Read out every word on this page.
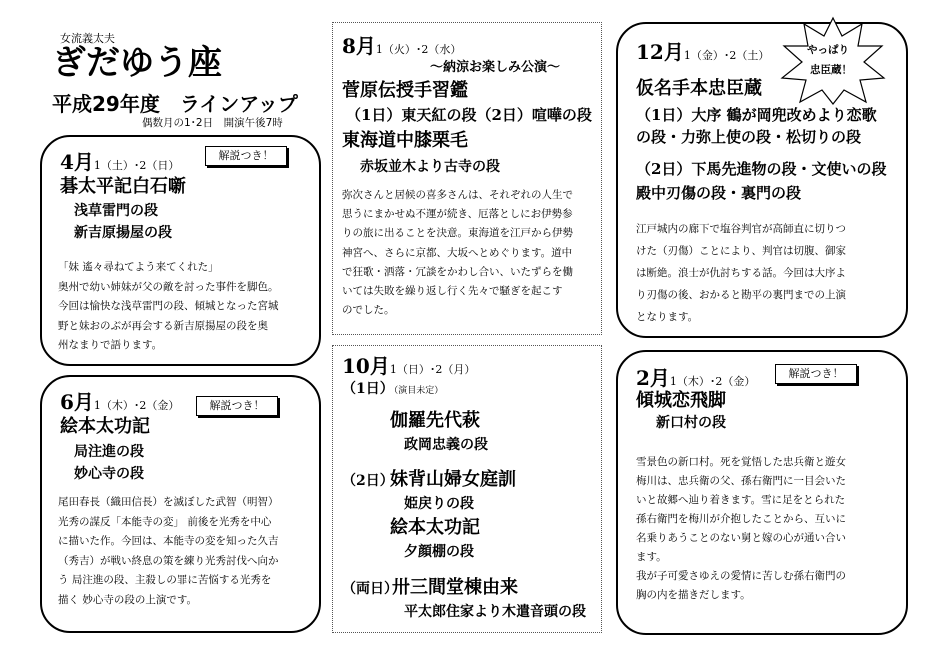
女流義太夫
ぎだゆう座
平成29年度　ラインアップ
偶数月の1･2日　開演午後7時
4月1（土）･2（日）
解説つき！
碁太平記白石噺
浅草雷門の段
新吉原揚屋の段
「妹 遙々尋ねてよう来てくれた」
奥州で幼い姉妹が父の敵を討った事件を脚色。
今回は愉快な浅草雷門の段、傾城となった宮城
野と妹おのぶが再会する新吉原揚屋の段を奥
州なまりで語ります。
6月1（木）･2（金）	解説つき！
絵本太功記
局注進の段
妙心寺の段
尾田春長（織田信長）を滅ぼした武智（明智）
光秀の謀反「本能寺の変」 前後を光秀を中心
に描いた作。今回は、本能寺の変を知った久吉
（秀吉）が戦い終息の策を練り光秀討伐へ向か
う 局注進の段、主殺しの罪に苦悩する光秀を
描く 妙心寺の段の上演です。
8月1（火）･2（水）
～納涼お楽しみ公演～
菅原伝授手習鑑
（1日）東天紅の段（2日）喧嘩の段
東海道中膝栗毛
赤坂並木より古寺の段
弥次さんと居候の喜多さんは、それぞれの人生で
思うにまかせぬ不運が続き、厄落としにお伊勢参
りの旅に出ることを決意。東海道を江戸から伊勢
神宮へ、さらに京都、大坂へとめぐります。道中
で狂歌・洒落・冗談をかわし合い、いたずらを働
いては失敗を繰り返し行く先々で騒ぎを起こす
のでした。
10月1（日）･2（月）
（1日）（演目未定）
伽羅先代萩
政岡忠義の段
（2日）
妹背山婦女庭訓
姫戻りの段
絵本太功記
夕顔棚の段
（両日）
卅三間堂棟由来
平太郎住家より木遣音頭の段
やっぱり
忠臣蔵！
12月1（金）･2（土）
仮名手本忠臣蔵
（1日）大序 鶴が岡兜改めより恋歌
の段・力弥上使の段・松切りの段
（2日）下馬先進物の段・文使いの段
殿中刃傷の段・裏門の段
江戸城内の廊下で塩谷判官が高師直に切りつ
けた（刃傷）ことにより、判官は切腹、御家
は断絶。浪士が仇討ちする話。今回は大序よ
り刃傷の後、おかると勘平の裏門までの上演
となります。
2月1（木）･2（金）
解説つき！
傾城恋飛脚
新口村の段
雪景色の新口村。死を覚悟した忠兵衛と遊女
梅川は、忠兵衛の父、孫右衛門に一目会いた
いと故郷へ辿り着きます。雪に足をとられた
孫右衛門を梅川が介抱したことから、互いに
名乗りあうことのない舅と嫁の心が通い合い
ます。
我が子可愛さゆえの愛情に苦しむ孫右衛門の
胸の内を描きだします。
